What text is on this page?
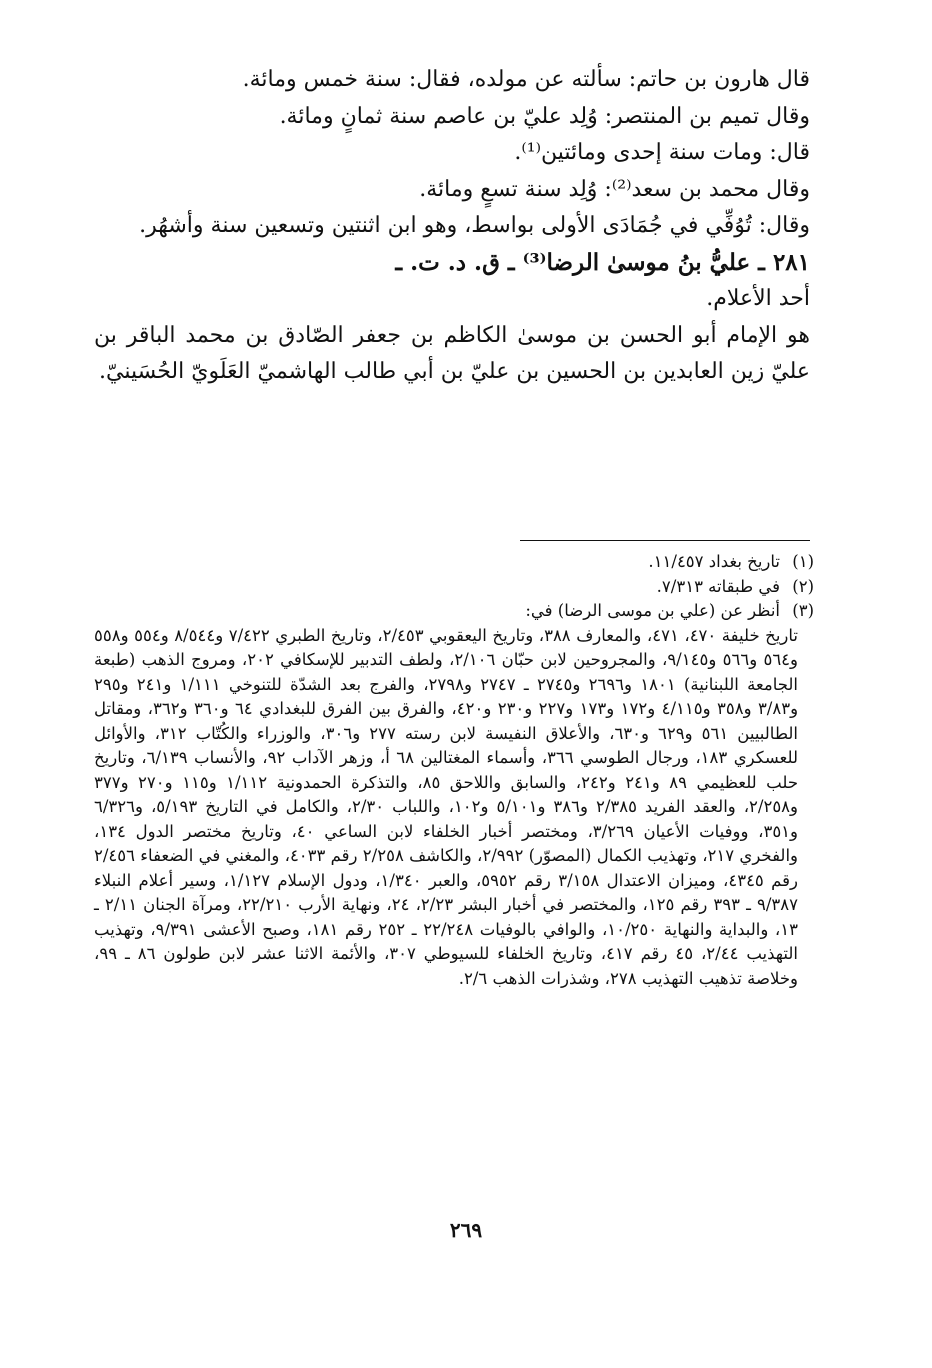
قال هارون بن حاتم: سألته عن مولده، فقال: سنة خمس ومائة.

وقال تميم بن المنتصر: وُلِد عليّ بن عاصم سنة ثمانٍ ومائة.

قال: ومات سنة إحدى ومائتين⁽¹⁾.

وقال محمد بن سعد⁽²⁾: وُلِد سنة تسعٍ ومائة.

وقال: تُوُفِّي في جُمَادَى الأولى بواسط، وهو ابن اثنتين وتسعين سنة وأشهُر.

٢٨١ ـ عليُّ بنُ موسىٰ الرضا⁽³⁾ ـ ق. د. ت. ـ

أحد الأعلام.

هو الإمام أبو الحسن بن موسىٰ الكاظم بن جعفر الصّادق بن محمد الباقر بن عليّ زين العابدين بن الحسين بن عليّ بن أبي طالب الهاشميّ العَلَويّ الحُسَينيّ.

(١)
تاريخ بغداد ١١/٤٥٧.
(٢)
في طبقاته ٧/٣١٣.
(٣)
أنظر عن (علي بن موسى الرضا) في:
تاريخ خليفة ٤٧٠، ٤٧١، والمعارف ٣٨٨، وتاريخ اليعقوبي ٢/٤٥٣، وتاريخ الطبري ٧/٤٢٢ و٨/٥٤٤ و٥٥٤ و٥٥٨ و٥٦٤ و٥٦٦ و٩/١٤٥، والمجروحين لابن حبّان ٢/١٠٦، ولطف التدبير للإسكافي ٢٠٢، ومروج الذهب (طبعة الجامعة اللبنانية) ١٨٠١ و٢٦٩٦ و٢٧٤٥ ـ ٢٧٤٧ و٢٧٩٨، والفرج بعد الشدّة للتنوخي ١/١١١ و٢٤١ و٢٩٥ و٣/٨٣ و٣٥٨ و٤/١١٥ و١٧٢ و١٧٣ و٢٢٧ و٢٣٠ و٤٢٠، والفرق بين الفرق للبغدادي ٦٤ و٣٦٠ و٣٦٢، ومقاتل الطالبيين ٥٦١ و٦٢٩ و٦٣٠، والأعلاق النفيسة لابن رسته ٢٧٧ و٣٠٦، والوزراء والكُتّاب ٣١٢، والأوائل للعسكري ١٨٣، ورجال الطوسي ٣٦٦، وأسماء المغتالين ٦٨ أ، وزهر الآداب ٩٢، والأنساب ٦/١٣٩، وتاريخ حلب للعظيمي ٨٩ و٢٤١ و٢٤٢، والسابق واللاحق ٨٥، والتذكرة الحمدونية ١/١١٢ و١١٥ و٢٧٠ و٣٧٧ و٢/٢٥٨، والعقد الفريد ٢/٣٨٥ و٣٨٦ و٥/١٠١ و١٠٢، واللباب ٢/٣٠، والكامل في التاريخ ٥/١٩٣، و٦/٣٢٦ و٣٥١، ووفيات الأعيان ٣/٢٦٩، ومختصر أخبار الخلفاء لابن الساعي ٤٠، وتاريخ مختصر الدول ١٣٤، والفخري ٢١٧، وتهذيب الكمال (المصوّر) ٢/٩٩٢، والكاشف ٢/٢٥٨ رقم ٤٠٣٣، والمغني في الضعفاء ٢/٤٥٦ رقم ٤٣٤٥، وميزان الاعتدال ٣/١٥٨ رقم ٥٩٥٢، والعبر ١/٣٤٠، ودول الإسلام ١/١٢٧، وسير أعلام النبلاء ٩/٣٨٧ ـ ٣٩٣ رقم ١٢٥، والمختصر في أخبار البشر ٢/٢٣، ٢٤، ونهاية الأرب ٢٢/٢١٠، ومرآة الجنان ٢/١١ ـ ١٣، والبداية والنهاية ١٠/٢٥٠، والوافي بالوفيات ٢٢/٢٤٨ ـ ٢٥٢ رقم ١٨١، وصبح الأعشى ٩/٣٩١، وتهذيب التهذيب ٢/٤٤، ٤٥ رقم ٤١٧، وتاريخ الخلفاء للسيوطي ٣٠٧، والأئمة الاثنا عشر لابن طولون ٨٦ ـ ٩٩، وخلاصة تذهيب التهذيب ٢٧٨، وشذرات الذهب ٢/٦.
٢٦٩
